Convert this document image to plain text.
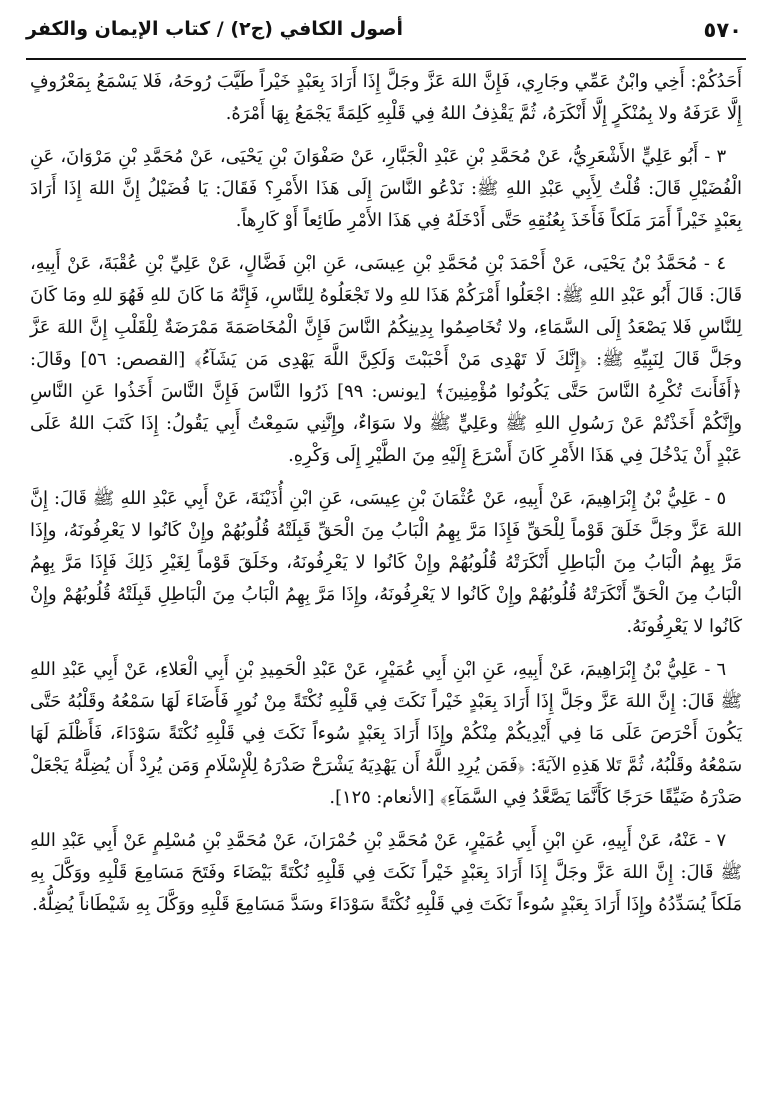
أصول الكافي (ج٢) / كتاب الإيمان والكفر	٥٧٠

أَحَدُكُمْ: أَخِي وابْنُ عَمِّي وجَارِي، فَإِنَّ اللهَ عَزَّ وجَلَّ إِذَا أَرَادَ بِعَبْدٍ خَيْراً طَيَّبَ رُوحَهُ، فَلا يَسْمَعُ بِمَعْرُوفٍ إِلَّا عَرَفَهُ ولا بِمُنْكَرٍ إِلَّا أَنْكَرَهُ، ثُمَّ يَقْذِفُ اللهُ فِي قَلْبِهِ كَلِمَةً يَجْمَعُ بِهَا أَمْرَهُ.

٣ - أَبُو عَلِيٍّ الأَشْعَرِيُّ، عَنْ مُحَمَّدِ بْنِ عَبْدِ الْجَبَّارِ، عَنْ صَفْوَانَ بْنِ يَحْيَى، عَنْ مُحَمَّدِ بْنِ مَرْوَانَ، عَنِ الْفُضَيْلِ قَالَ: قُلْتُ لِأَبِي عَبْدِ اللهِ ﷺ: نَدْعُو النَّاسَ إِلَى هَذَا الأَمْرِ؟ فَقَالَ: يَا فُضَيْلُ إِنَّ اللهَ إِذَا أَرَادَ بِعَبْدٍ خَيْراً أَمَرَ مَلَكاً فَأَخَذَ بِعُنُقِهِ حَتَّى أَدْخَلَهُ فِي هَذَا الأَمْرِ طَائِعاً أَوْ كَارِهاً.

٤ - مُحَمَّدُ بْنُ يَحْيَى، عَنْ أَحْمَدَ بْنِ مُحَمَّدِ بْنِ عِيسَى، عَنِ ابْنِ فَضَّالٍ، عَنْ عَلِيِّ بْنِ عُقْبَةَ، عَنْ أَبِيهِ، قَالَ: قَالَ أَبُو عَبْدِ اللهِ ﷺ: اجْعَلُوا أَمْرَكُمْ هَذَا للهِ ولا تَجْعَلُوهُ لِلنَّاسِ، فَإِنَّهُ مَا كَانَ للهِ فَهُوَ للهِ ومَا كَانَ لِلنَّاسِ فَلا يَصْعَدُ إِلَى السَّمَاءِ، ولا تُخَاصِمُوا بِدِينِكُمُ النَّاسَ فَإِنَّ الْمُخَاصَمَةَ مَمْرَضَةٌ لِلْقَلْبِ إِنَّ اللهَ عَزَّ وجَلَّ قَالَ لِنَبِيِّهِ ﷺ: ﴿إِنَّكَ لَا تَهْدِى مَنْ أَحْبَبْتَ وَلَكِنَّ اللَّهَ يَهْدِى مَن يَشَآءُ﴾ [القصص: ٥٦] وقَالَ: ﴿أَفَأَنتَ تُكْرِهُ النَّاسَ حَتَّى يَكُونُوا مُؤْمِنِينَ﴾ [يونس: ٩٩] ذَرُوا النَّاسَ فَإِنَّ النَّاسَ أَخَذُوا عَنِ النَّاسِ وإِنَّكُمْ أَخَذْتُمْ عَنْ رَسُولِ اللهِ ﷺ وعَلِيٍّ ﷺ ولا سَوَاءٌ، وإِنَّنِي سَمِعْتُ أَبِي يَقُولُ: إِذَا كَتَبَ اللهُ عَلَى عَبْدٍ أَنْ يَدْخُلَ فِي هَذَا الأَمْرِ كَانَ أَسْرَعَ إِلَيْهِ مِنَ الطَّيْرِ إِلَى وَكْرِهِ.

٥ - عَلِيُّ بْنُ إِبْرَاهِيمَ، عَنْ أَبِيهِ، عَنْ عُثْمَانَ بْنِ عِيسَى، عَنِ ابْنِ أُذَيْنَةَ، عَنْ أَبِي عَبْدِ اللهِ ﷺ قَالَ: إِنَّ اللهَ عَزَّ وجَلَّ خَلَقَ قَوْماً لِلْحَقِّ فَإِذَا مَرَّ بِهِمُ الْبَابُ مِنَ الْحَقِّ قَبِلَتْهُ قُلُوبُهُمْ وإِنْ كَانُوا لا يَعْرِفُونَهُ، وإِذَا مَرَّ بِهِمُ الْبَابُ مِنَ الْبَاطِلِ أَنْكَرَتْهُ قُلُوبُهُمْ وإِنْ كَانُوا لا يَعْرِفُونَهُ، وخَلَقَ قَوْماً لِغَيْرِ ذَلِكَ فَإِذَا مَرَّ بِهِمُ الْبَابُ مِنَ الْحَقِّ أَنْكَرَتْهُ قُلُوبُهُمْ وإِنْ كَانُوا لا يَعْرِفُونَهُ، وإِذَا مَرَّ بِهِمُ الْبَابُ مِنَ الْبَاطِلِ قَبِلَتْهُ قُلُوبُهُمْ وإِنْ كَانُوا لا يَعْرِفُونَهُ.

٦ - عَلِيُّ بْنُ إِبْرَاهِيمَ، عَنْ أَبِيهِ، عَنِ ابْنِ أَبِي عُمَيْرٍ، عَنْ عَبْدِ الْحَمِيدِ بْنِ أَبِي الْعَلاءِ، عَنْ أَبِي عَبْدِ اللهِ ﷺ قَالَ: إِنَّ اللهَ عَزَّ وجَلَّ إِذَا أَرَادَ بِعَبْدٍ خَيْراً نَكَتَ فِي قَلْبِهِ نُكْتَةً مِنْ نُورٍ فَأَضَاءَ لَهَا سَمْعُهُ وقَلْبُهُ حَتَّى يَكُونَ أَحْرَصَ عَلَى مَا فِي أَيْدِيكُمْ مِنْكُمْ وإِذَا أَرَادَ بِعَبْدٍ سُوءاً نَكَتَ فِي قَلْبِهِ نُكْتَةً سَوْدَاءَ، فَأَظْلَمَ لَهَا سَمْعُهُ وقَلْبُهُ، ثُمَّ تَلا هَذِهِ الآيَةَ: ﴿فَمَن يُرِدِ اللَّهُ أَن يَهْدِيَهُ يَشْرَحْ صَدْرَهُ لِلْإِسْلَامِ وَمَن يُرِدْ أَن يُضِلَّهُ يَجْعَلْ صَدْرَهُ ضَيِّقًا حَرَجًا كَأَنَّمَا يَصَّعَّدُ فِي السَّمَآءِ﴾ [الأنعام: ١٢٥].

٧ - عَنْهُ، عَنْ أَبِيهِ، عَنِ ابْنِ أَبِي عُمَيْرٍ، عَنْ مُحَمَّدِ بْنِ حُمْرَانَ، عَنْ مُحَمَّدِ بْنِ مُسْلِمٍ عَنْ أَبِي عَبْدِ اللهِ ﷺ قَالَ: إِنَّ اللهَ عَزَّ وجَلَّ إِذَا أَرَادَ بِعَبْدٍ خَيْراً نَكَتَ فِي قَلْبِهِ نُكْتَةً بَيْضَاءَ وفَتَحَ مَسَامِعَ قَلْبِهِ ووَكَّلَ بِهِ مَلَكاً يُسَدِّدُهُ وإِذَا أَرَادَ بِعَبْدٍ سُوءاً نَكَتَ فِي قَلْبِهِ نُكْتَةً سَوْدَاءَ وسَدَّ مَسَامِعَ قَلْبِهِ ووَكَّلَ بِهِ شَيْطَاناً يُضِلُّهُ.
